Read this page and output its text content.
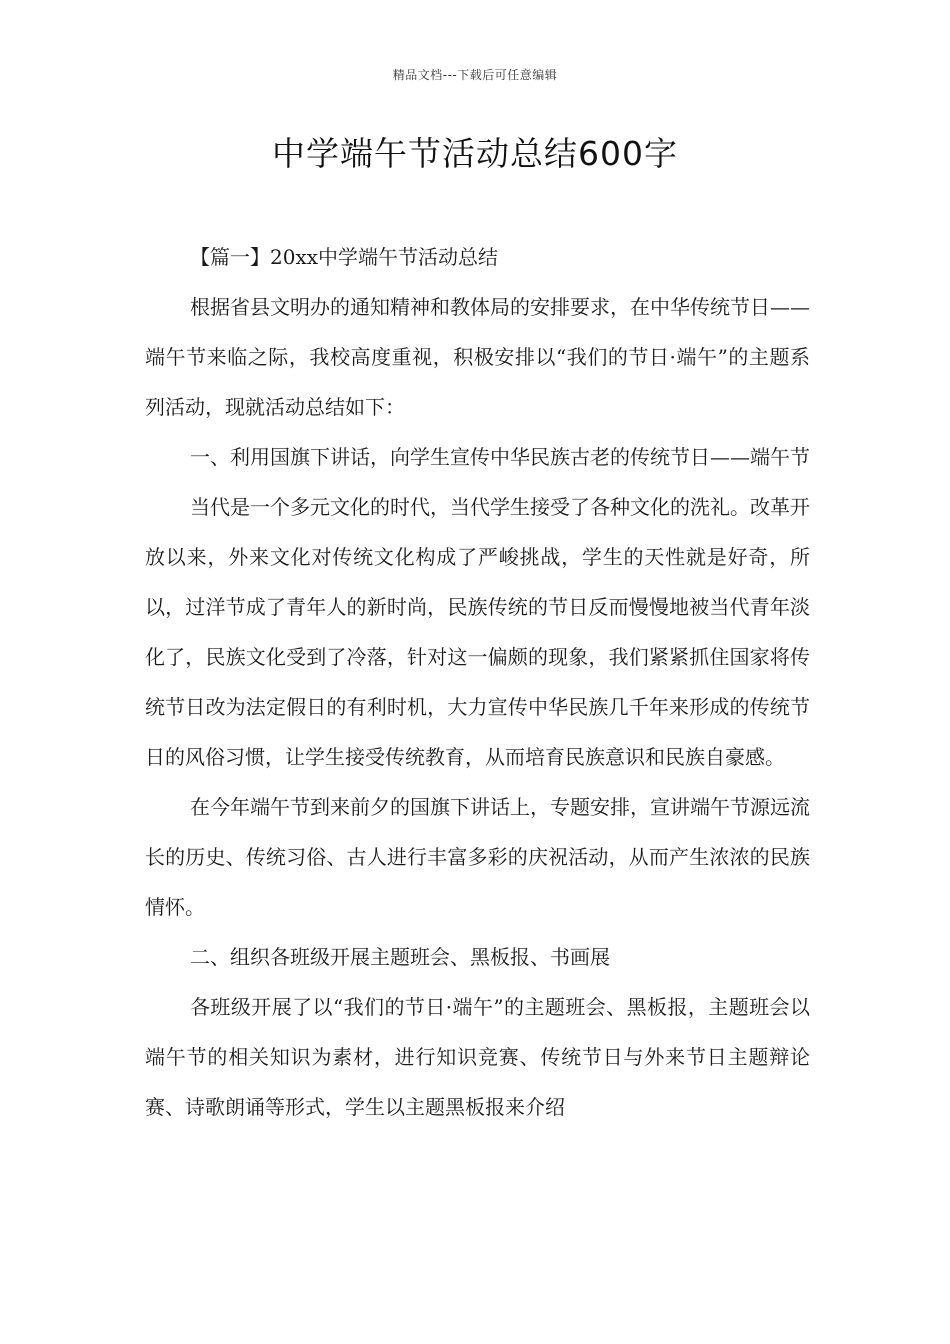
精品文档---下载后可任意编辑
中学端午节活动总结600字

【篇一】20xx中学端午节活动总结

根据省县文明办的通知精神和教体局的安排要求，在中华传统节日——端午节来临之际，我校高度重视，积极安排以“我们的节日·端午”的主题系列活动，现就活动总结如下：

一、利用国旗下讲话，向学生宣传中华民族古老的传统节日——端午节

当代是一个多元文化的时代，当代学生接受了各种文化的洗礼。改革开放以来，外来文化对传统文化构成了严峻挑战，学生的天性就是好奇，所以，过洋节成了青年人的新时尚，民族传统的节日反而慢慢地被当代青年淡化了，民族文化受到了冷落，针对这一偏颇的现象，我们紧紧抓住国家将传统节日改为法定假日的有利时机，大力宣传中华民族几千年来形成的传统节日的风俗习惯，让学生接受传统教育，从而培育民族意识和民族自豪感。

在今年端午节到来前夕的国旗下讲话上，专题安排，宣讲端午节源远流长的历史、传统习俗、古人进行丰富多彩的庆祝活动，从而产生浓浓的民族情怀。

二、组织各班级开展主题班会、黑板报、书画展

各班级开展了以“我们的节日·端午”的主题班会、黑板报，主题班会以端午节的相关知识为素材，进行知识竞赛、传统节日与外来节日主题辩论赛、诗歌朗诵等形式，学生以主题黑板报来介绍
